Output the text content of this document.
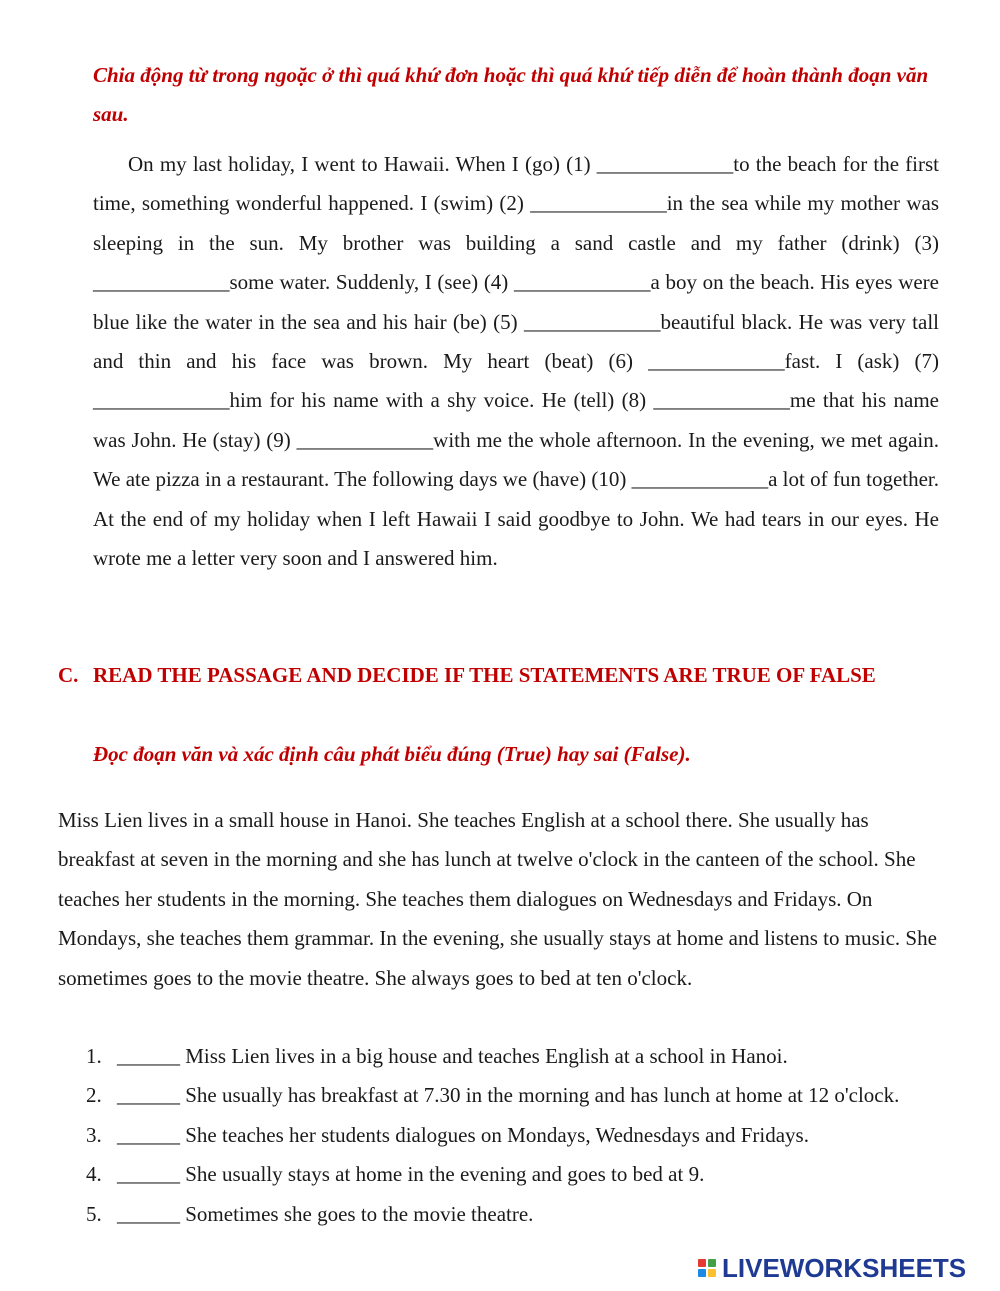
Chia động từ trong ngoặc ở thì quá khứ đơn hoặc thì quá khứ tiếp diễn để hoàn thành đoạn văn sau.

On my last holiday, I went to Hawaii. When I (go) (1) _____________to the beach for the first time, something wonderful happened. I (swim) (2) _____________in the sea while my mother was sleeping in the sun. My brother was building a sand castle and my father (drink) (3) _____________some water. Suddenly, I (see) (4) _____________a boy on the beach. His eyes were blue like the water in the sea and his hair (be) (5) _____________beautiful black. He was very tall and thin and his face was brown. My heart (beat) (6) _____________fast. I (ask) (7) _____________him for his name with a shy voice. He (tell) (8) _____________me that his name was John. He (stay) (9) _____________with me the whole afternoon. In the evening, we met again. We ate pizza in a restaurant. The following days we (have) (10) _____________a lot of fun together. At the end of my holiday when I left Hawaii I said goodbye to John. We had tears in our eyes. He wrote me a letter very soon and I answered him.

C. READ THE PASSAGE AND DECIDE IF THE STATEMENTS ARE TRUE OF FALSE
Đọc đoạn văn và xác định câu phát biểu đúng (True) hay sai (False).

Miss Lien lives in a small house in Hanoi. She teaches English at a school there. She usually has breakfast at seven in the morning and she has lunch at twelve o'clock in the canteen of the school. She teaches her students in the morning. She teaches them dialogues on Wednesdays and Fridays. On Mondays, she teaches them grammar. In the evening, she usually stays at home and listens to music. She sometimes goes to the movie theatre. She always goes to bed at ten o'clock.

1. ______ Miss Lien lives in a big house and teaches English at a school in Hanoi.
2. ______ She usually has breakfast at 7.30 in the morning and has lunch at home at 12 o'clock.
3. ______ She teaches her students dialogues on Mondays, Wednesdays and Fridays.
4. ______ She usually stays at home in the evening and goes to bed at 9.
5. ______ Sometimes she goes to the movie theatre.
LIVEWORKSHEETS
